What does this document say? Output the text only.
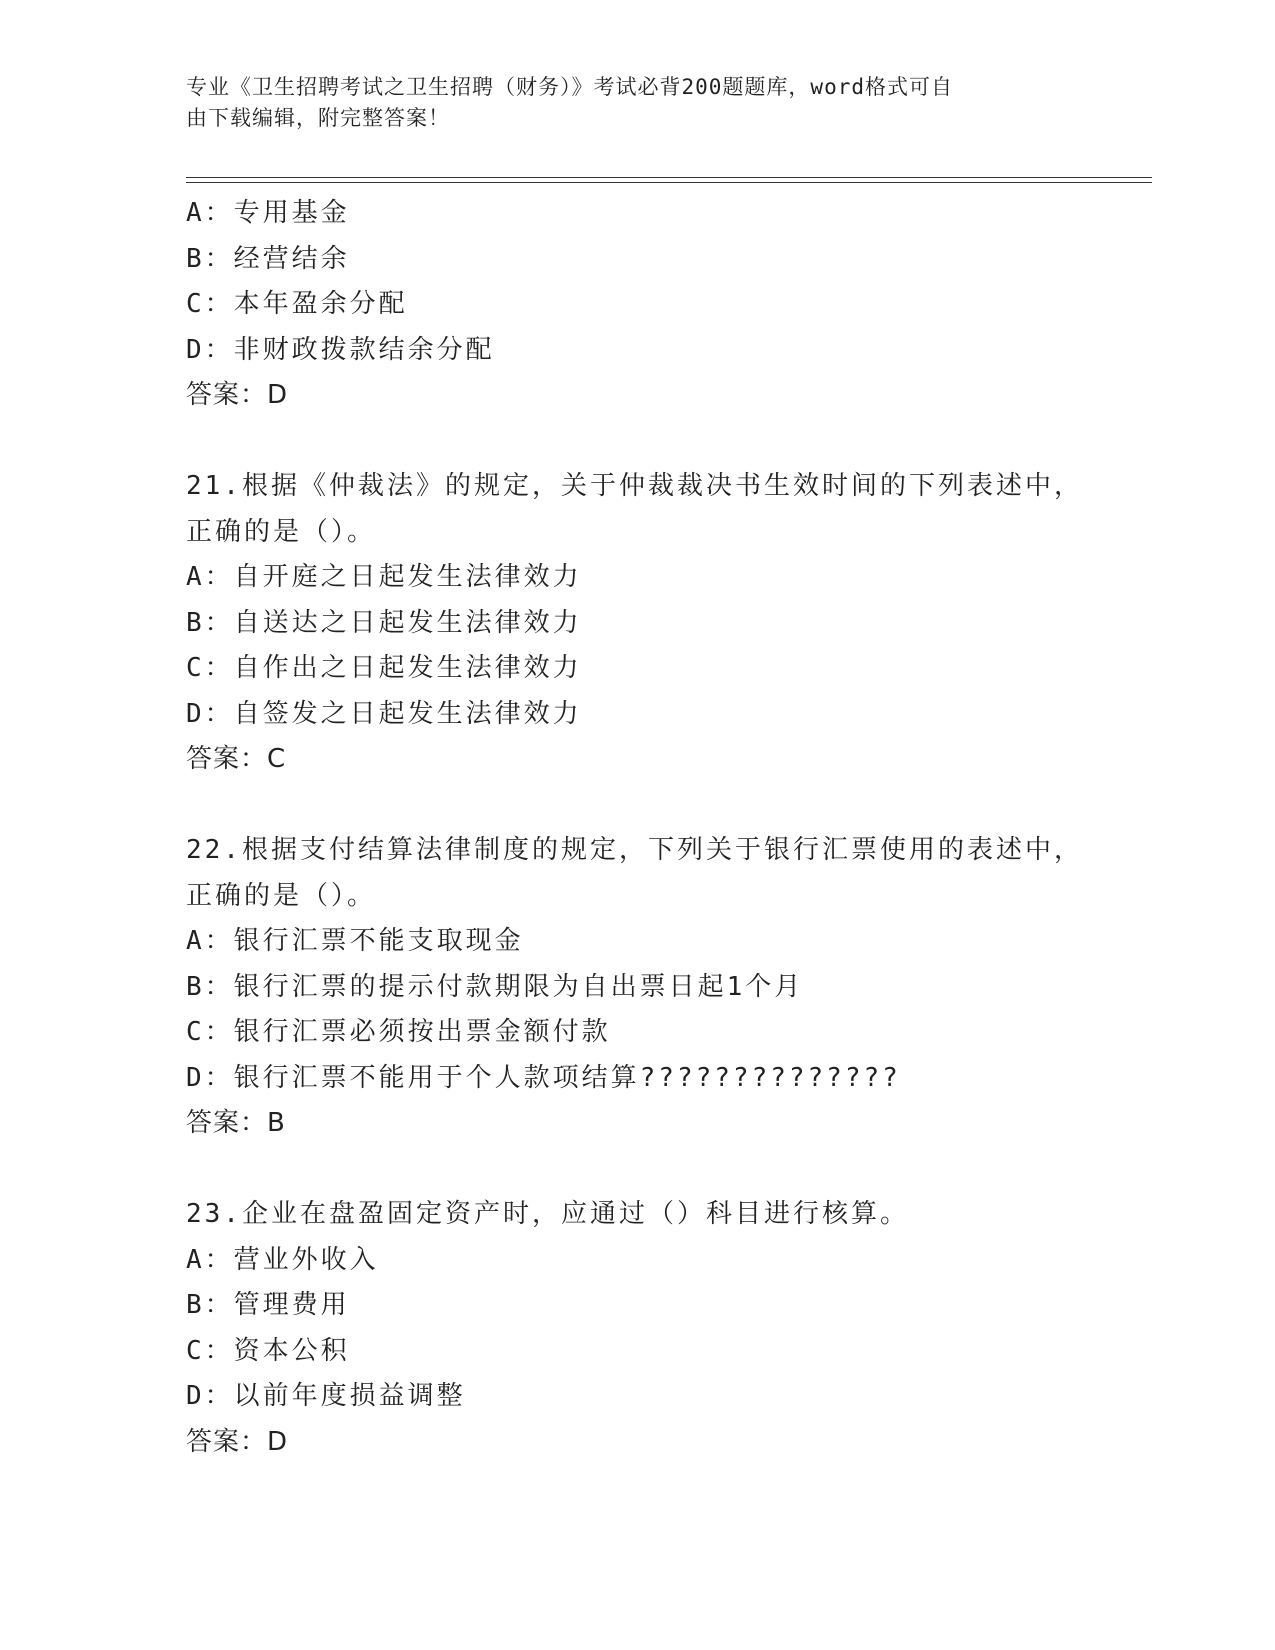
专业《卫生招聘考试之卫生招聘（财务）》考试必背200题题库，word格式可自
由下载编辑，附完整答案！
A：专用基金
B：经营结余
C：本年盈余分配
D：非财政拨款结余分配
答案：D
21.根据《仲裁法》的规定，关于仲裁裁决书生效时间的下列表述中，
正确的是（）。
A：自开庭之日起发生法律效力
B：自送达之日起发生法律效力
C：自作出之日起发生法律效力
D：自签发之日起发生法律效力
答案：C
22.根据支付结算法律制度的规定，下列关于银行汇票使用的表述中，
正确的是（）。
A：银行汇票不能支取现金
B：银行汇票的提示付款期限为自出票日起1个月
C：银行汇票必须按出票金额付款
D：银行汇票不能用于个人款项结算??????????????
答案：B
23.企业在盘盈固定资产时，应通过（）科目进行核算。
A：营业外收入
B：管理费用
C：资本公积
D：以前年度损益调整
答案：D
